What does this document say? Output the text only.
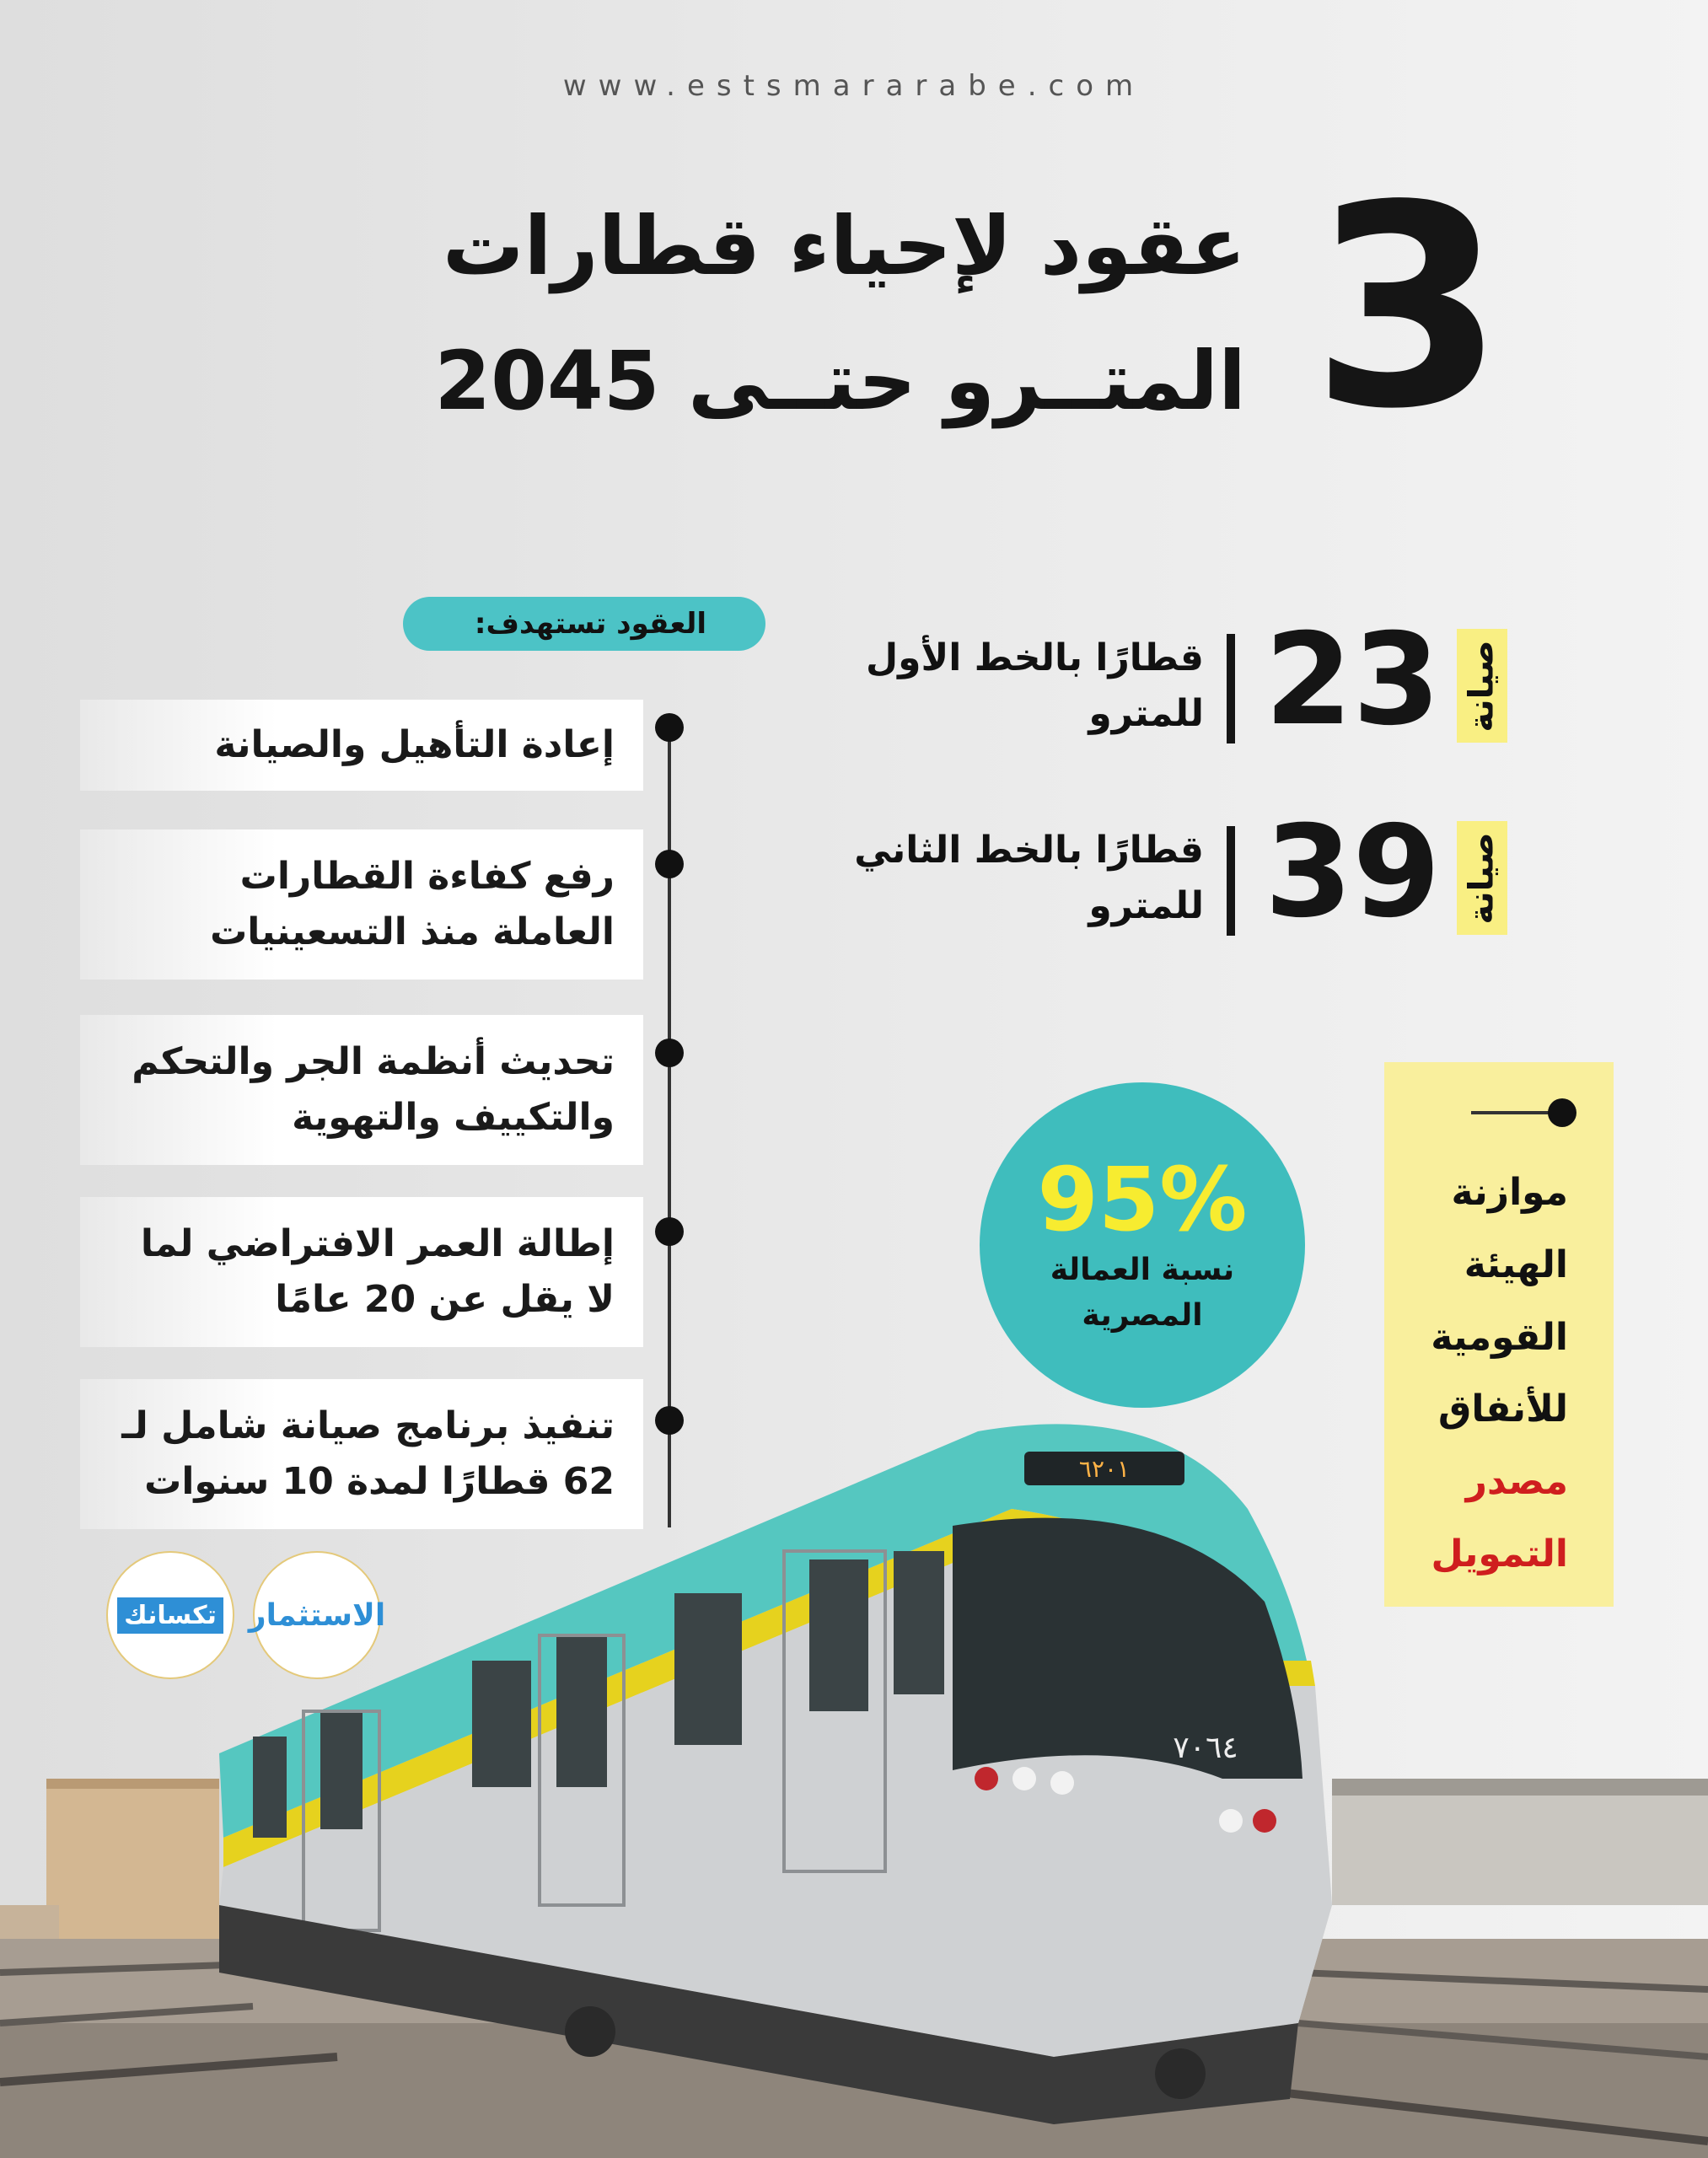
www.estsmararabe.com
3
عقود لإحياء قطارات
المتــرو حتــى 2045
صيانة
23
قطارًا بالخط الأول
للمترو
صيانة
39
قطارًا بالخط الثاني
للمترو
العقود تستهدف:
إعادة التأهيل والصيانة
رفع كفاءة القطارات العاملة منذ التسعينيات
تحديث أنظمة الجر والتحكم والتكييف والتهوية
إطالة العمر الافتراضي لما لا يقل عن 20 عامًا
تنفيذ برنامج صيانة شامل لـ 62 قطارًا لمدة 10 سنوات
95%
نسبة العمالة المصرية
موازنة الهيئة القومية للأنفاق
مصدر التمويل
الاستثمار
تكسانك
٦٢٠١
٧٠٦٤
